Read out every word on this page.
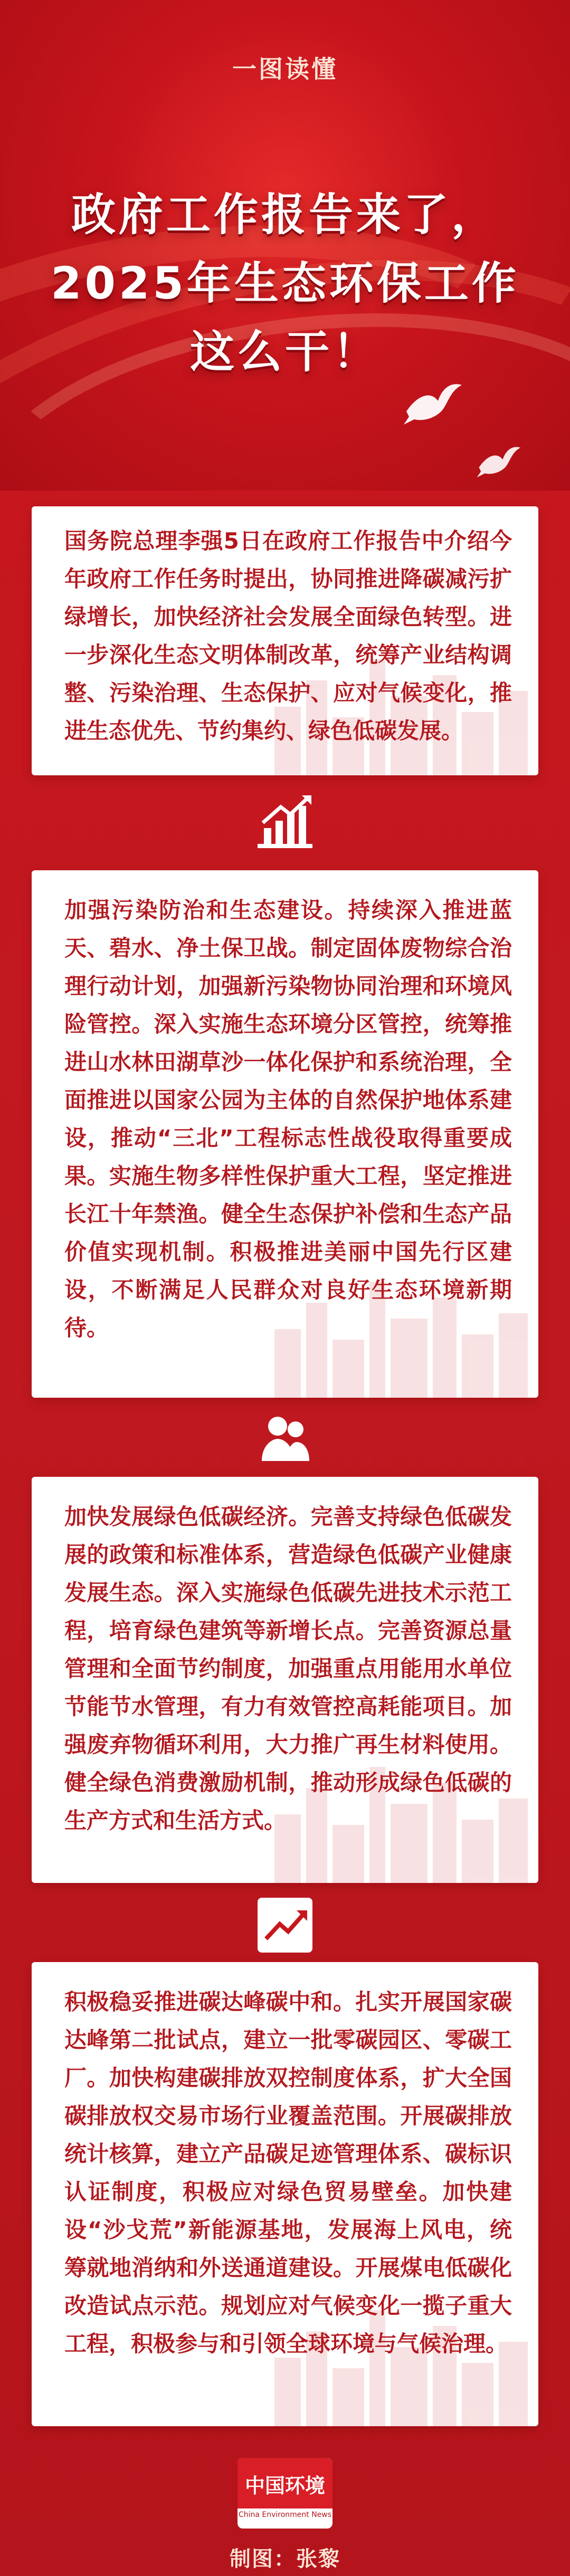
一图读懂
政府工作报告来了，
2025年生态环保工作
这么干！
国务院总理李强5日在政府工作报告中介绍今年政府工作任务时提出，协同推进降碳减污扩绿增长，加快经济社会发展全面绿色转型。进一步深化生态文明体制改革，统筹产业结构调整、污染治理、生态保护、应对气候变化，推进生态优先、节约集约、绿色低碳发展。
加强污染防治和生态建设。持续深入推进蓝天、碧水、净土保卫战。制定固体废物综合治理行动计划，加强新污染物协同治理和环境风险管控。深入实施生态环境分区管控，统筹推进山水林田湖草沙一体化保护和系统治理，全面推进以国家公园为主体的自然保护地体系建设，推动“三北”工程标志性战役取得重要成果。实施生物多样性保护重大工程，坚定推进长江十年禁渔。健全生态保护补偿和生态产品价值实现机制。积极推进美丽中国先行区建设，不断满足人民群众对良好生态环境新期待。
加快发展绿色低碳经济。完善支持绿色低碳发展的政策和标准体系，营造绿色低碳产业健康发展生态。深入实施绿色低碳先进技术示范工程，培育绿色建筑等新增长点。完善资源总量管理和全面节约制度，加强重点用能用水单位节能节水管理，有力有效管控高耗能项目。加强废弃物循环利用，大力推广再生材料使用。健全绿色消费激励机制，推动形成绿色低碳的生产方式和生活方式。
积极稳妥推进碳达峰碳中和。扎实开展国家碳达峰第二批试点，建立一批零碳园区、零碳工厂。加快构建碳排放双控制度体系，扩大全国碳排放权交易市场行业覆盖范围。开展碳排放统计核算，建立产品碳足迹管理体系、碳标识认证制度，积极应对绿色贸易壁垒。加快建设“沙戈荒”新能源基地，发展海上风电，统筹就地消纳和外送通道建设。开展煤电低碳化改造试点示范。规划应对气候变化一揽子重大工程，积极参与和引领全球环境与气候治理。
中国环境
China Environment News
制图：张黎
